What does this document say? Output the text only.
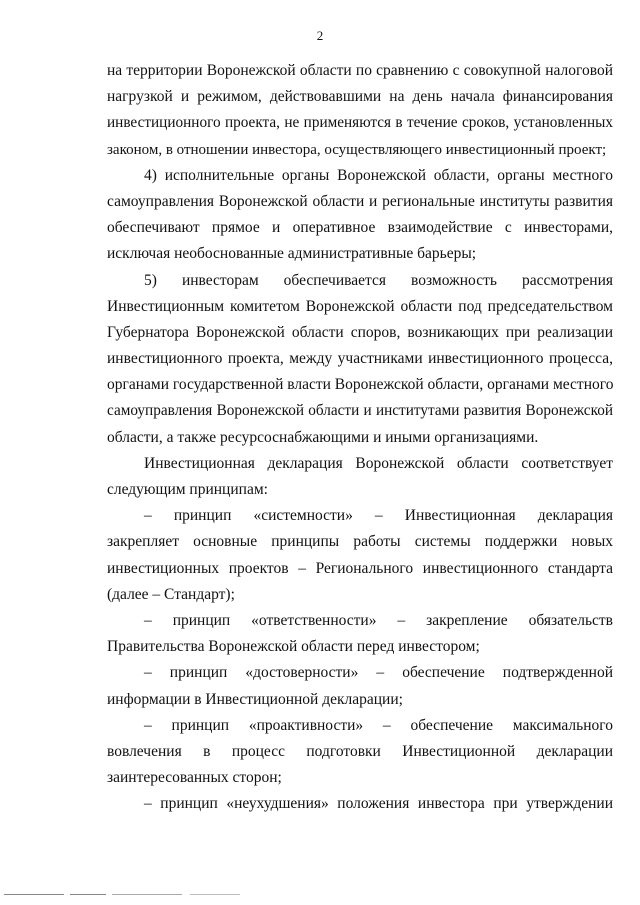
2
на территории Воронежской области по сравнению с совокупной налоговой
нагрузкой и режимом, действовавшими на день начала финансирования
инвестиционного проекта, не применяются в течение сроков, установленных
законом, в отношении инвестора, осуществляющего инвестиционный проект;
4) исполнительные органы Воронежской области, органы местного
самоуправления Воронежской области и региональные институты развития
обеспечивают прямое и оперативное взаимодействие с инвесторами,
исключая необоснованные административные барьеры;
5) инвесторам обеспечивается возможность рассмотрения
Инвестиционным комитетом Воронежской области под председательством
Губернатора Воронежской области споров, возникающих при реализации
инвестиционного проекта, между участниками инвестиционного процесса,
органами государственной власти Воронежской области, органами местного
самоуправления Воронежской области и институтами развития Воронежской
области, а также ресурсоснабжающими и иными организациями.
Инвестиционная декларация Воронежской области соответствует
следующим принципам:
– принцип «системности» – Инвестиционная декларация
закрепляет основные принципы работы системы поддержки новых
инвестиционных проектов – Регионального инвестиционного стандарта
(далее – Стандарт);
– принцип «ответственности» – закрепление обязательств
Правительства Воронежской области перед инвестором;
– принцип «достоверности» – обеспечение подтвержденной
информации в Инвестиционной декларации;
– принцип «проактивности» – обеспечение максимального
вовлечения в процесс подготовки Инвестиционной декларации
заинтересованных сторон;
– принцип «неухудшения» положения инвестора при утверждении
